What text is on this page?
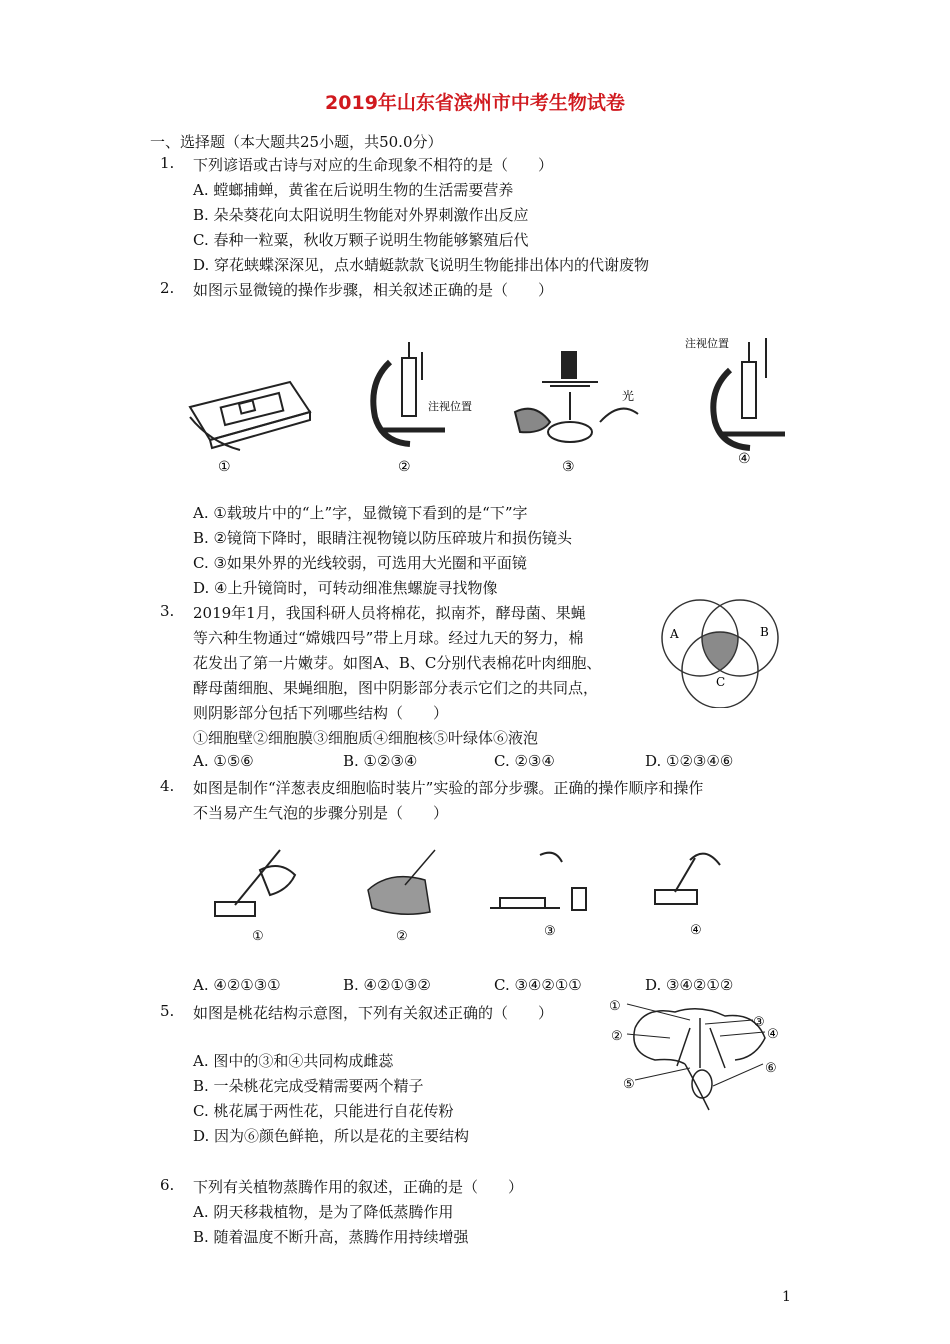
2019年山东省滨州市中考生物试卷
一、选择题（本大题共25小题，共50.0分）
1. 下列谚语或古诗与对应的生命现象不相符的是（　　）
A. 螳螂捕蝉，黄雀在后说明生物的生活需要营养
B. 朵朵葵花向太阳说明生物能对外界刺激作出反应
C. 春种一粒粟，秋收万颗子说明生物能够繁殖后代
D. 穿花蛱蝶深深见，点水蜻蜓款款飞说明生物能排出体内的代谢废物
2. 如图示显微镜的操作步骤，相关叙述正确的是（　　）
①
注视位置
②
光
③
注视位置
④
A. ①载玻片中的“上”字，显微镜下看到的是“下”字
B. ②镜筒下降时，眼睛注视物镜以防压碎玻片和损伤镜头
C. ③如果外界的光线较弱，可选用大光圈和平面镜
D. ④上升镜筒时，可转动细准焦螺旋寻找物像
3. 2019年1月，我国科研人员将棉花，拟南芥，酵母菌、果蝇
等六种生物通过“嫦娥四号”带上月球。经过九天的努力，棉
花发出了第一片嫩芽。如图A、B、C分别代表棉花叶肉细胞、
酵母菌细胞、果蝇细胞，图中阴影部分表示它们之的共同点，
则阴影部分包括下列哪些结构（　　）
①细胞壁②细胞膜③细胞质④细胞核⑤叶绿体⑥液泡
A	B
C
A. ①⑤⑥	B. ①②③④	C. ②③④	D. ①②③④⑥
4. 如图是制作“洋葱表皮细胞临时装片”实验的部分步骤。正确的操作顺序和操作
不当易产生气泡的步骤分别是（　　）
①	②	③	④
A. ④②①③①	B. ④②①③②	C. ③④②①①	D. ③④②①②
5. 如图是桃花结构示意图，下列有关叙述正确的（　　）	①
②
③
④
⑤
⑥
A. 图中的③和④共同构成雌蕊
B. 一朵桃花完成受精需要两个精子
C. 桃花属于两性花，只能进行自花传粉
D. 因为⑥颜色鲜艳，所以是花的主要结构
6. 下列有关植物蒸腾作用的叙述，正确的是（　　）
A. 阴天移栽植物，是为了降低蒸腾作用
B. 随着温度不断升高，蒸腾作用持续增强
1
